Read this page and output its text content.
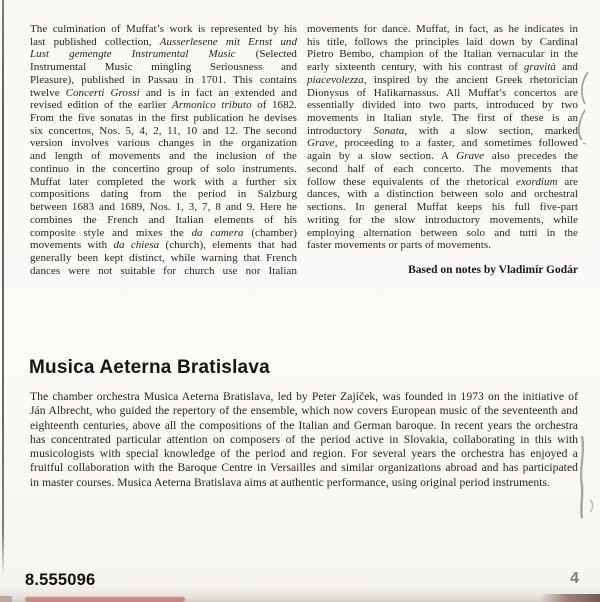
The culmination of Muffat’s work is represented by his
last published collection, Ausserlesene mit Ernst und
Lust gemengte Instrumental Music (Selected
Instrumental Music mingling Seriousness and
Pleasure), published in Passau in 1701. This contains
twelve Concerti Grossi and is in fact an extended and
revised edition of the earlier Armonico tributo of 1682.
From the five sonatas in the first publication he devises
six concertos, Nos. 5, 4, 2, 11, 10 and 12. The second
version involves various changes in the organization
and length of movements and the inclusion of the
continuo in the concertino group of solo instruments.
Muffat later completed the work with a further six
compositions dating from the period in Salzburg
between 1683 and 1689, Nos. 1, 3, 7, 8 and 9. Here he
combines the French and Italian elements of his
composite style and mixes the da camera (chamber)
movements with da chiesa (church), elements that had
generally been kept distinct, while warning that French
dances were not suitable for church use nor Italian
movements for dance. Muffat, in fact, as he indicates in
his title, follows the principles laid down by Cardinal
Pietro Bembo, champion of the Italian vernacular in the
early sixteenth century, with his contrast of gravità and
piacevolezza, inspired by the ancient Greek rhetorician
Dionysus of Halikarnassus. All Muffat’s concertos are
essentially divided into two parts, introduced by two
movements in Italian style. The first of these is an
introductory Sonata, with a slow section, marked
Grave, proceeding to a faster, and sometimes followed
again by a slow section. A Grave also precedes the
second half of each concerto. The movements that
follow these equivalents of the rhetorical exordium are
dances, with a distinction between solo and orchestral
sections. In general Muffat keeps his full five-part
writing for the slow introductory movements, while
employing alternation between solo and tutti in the
faster movements or parts of movements.
Based on notes by Vladimír Godár
Musica Aeterna Bratislava
The chamber orchestra Musica Aeterna Bratislava, led by Peter Zajíček, was founded in 1973 on the initiative of
Ján Albrecht, who guided the repertory of the ensemble, which now covers European music of the seventeenth and
eighteenth centuries, above all the compositions of the Italian and German baroque. In recent years the orchestra
has concentrated particular attention on composers of the period active in Slovakia, collaborating in this with
musicologists with special knowledge of the period and region. For several years the orchestra has enjoyed a
fruitful collaboration with the Baroque Centre in Versailles and similar organizations abroad and has participated
in master courses. Musica Aeterna Bratislava aims at authentic performance, using original period instruments.
8.555096	4
